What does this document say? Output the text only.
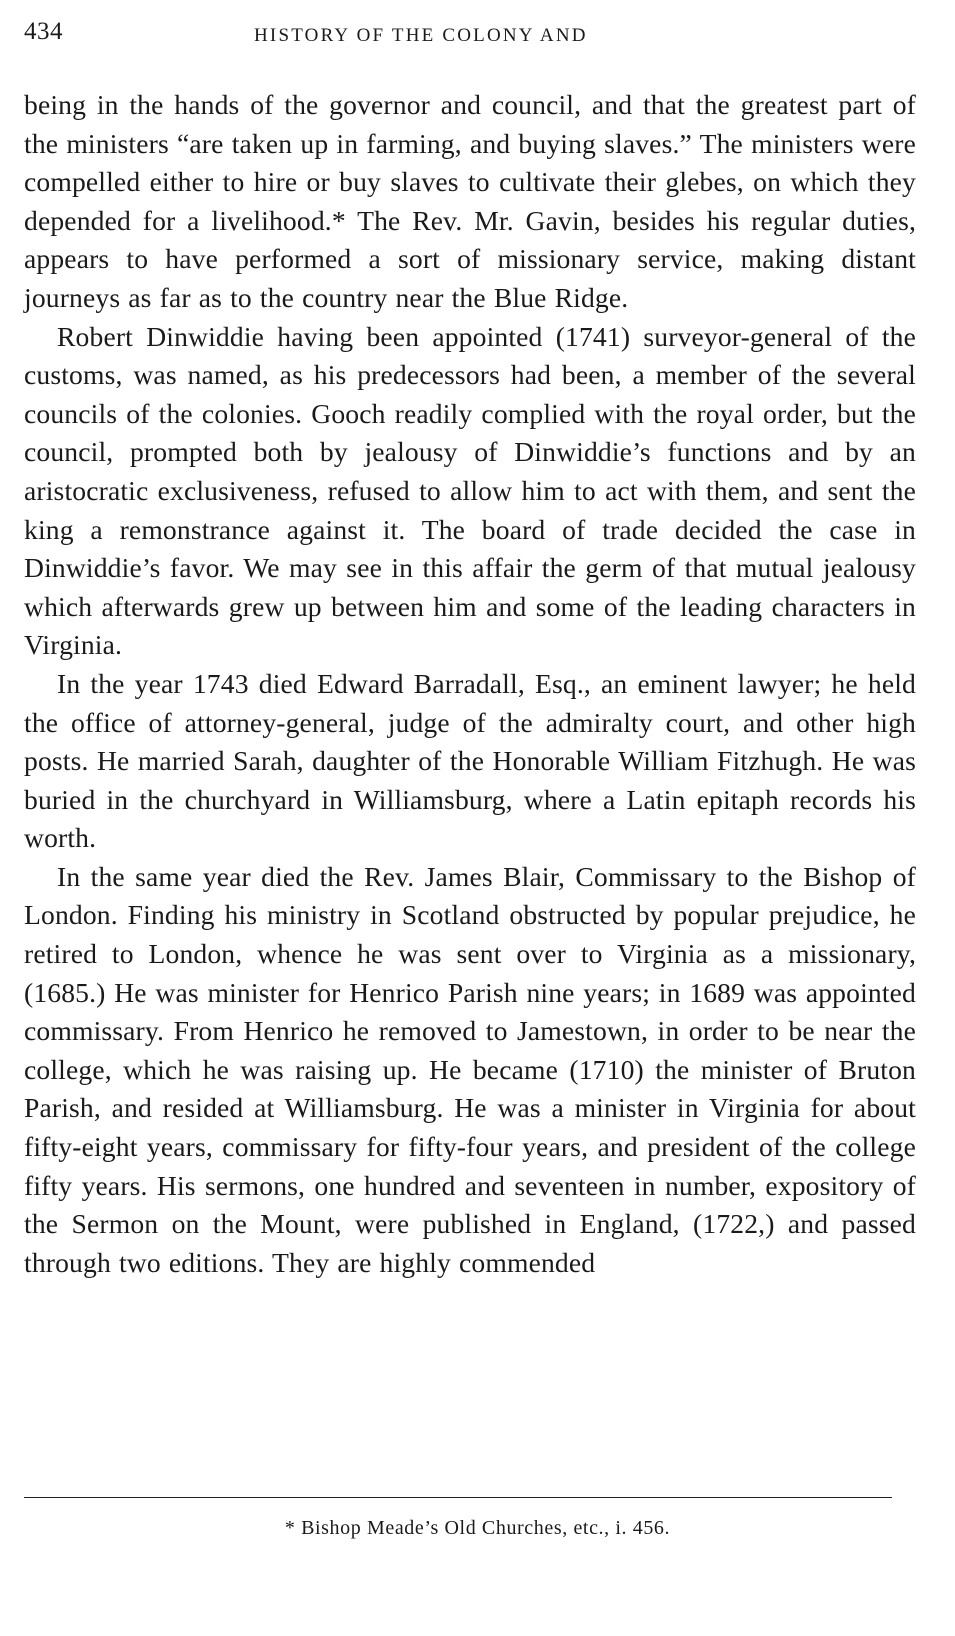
434	HISTORY OF THE COLONY AND

being in the hands of the governor and council, and that the greatest part of the ministers “are taken up in farming, and buying slaves.” The ministers were compelled either to hire or buy slaves to cultivate their glebes, on which they depended for a livelihood.* The Rev. Mr. Gavin, besides his regular duties, appears to have performed a sort of missionary service, making distant journeys as far as to the country near the Blue Ridge.

Robert Dinwiddie having been appointed (1741) surveyor-general of the customs, was named, as his predecessors had been, a member of the several councils of the colonies. Gooch readily complied with the royal order, but the council, prompted both by jealousy of Dinwiddie’s functions and by an aristocratic exclusiveness, refused to allow him to act with them, and sent the king a remonstrance against it. The board of trade decided the case in Dinwiddie’s favor. We may see in this affair the germ of that mutual jealousy which afterwards grew up between him and some of the leading characters in Virginia.

In the year 1743 died Edward Barradall, Esq., an eminent lawyer; he held the office of attorney-general, judge of the admiralty court, and other high posts. He married Sarah, daughter of the Honorable William Fitzhugh. He was buried in the churchyard in Williamsburg, where a Latin epitaph records his worth.

In the same year died the Rev. James Blair, Commissary to the Bishop of London. Finding his ministry in Scotland obstructed by popular prejudice, he retired to London, whence he was sent over to Virginia as a missionary, (1685.) He was minister for Henrico Parish nine years; in 1689 was appointed commissary. From Henrico he removed to Jamestown, in order to be near the college, which he was raising up. He became (1710) the minister of Bruton Parish, and resided at Williamsburg. He was a minister in Virginia for about fifty-eight years, commissary for fifty-four years, and president of the college fifty years. His sermons, one hundred and seventeen in number, expository of the Sermon on the Mount, were published in England, (1722,) and passed through two editions. They are highly commended

* Bishop Meade’s Old Churches, etc., i. 456.
